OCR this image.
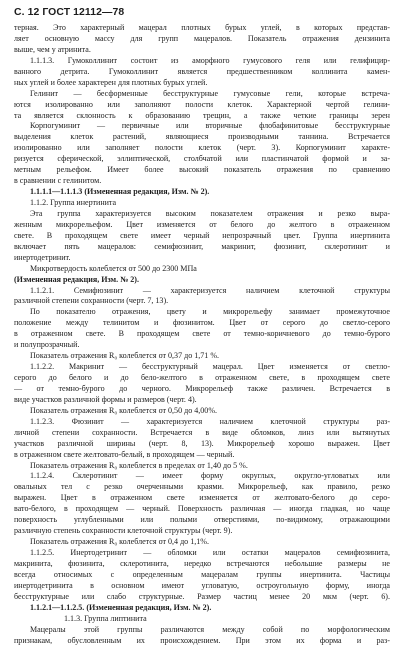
С. 12 ГОСТ 12112—78
терная. Это характерный мацерал плотных бурых углей, в которых представ-
ляет основную массу для групп мацералов. Показатель отражения дензинита
выше, чем у атринита.
1.1.1.3. Гумоколлинит состоит из аморфного гумусового геля или гелифицир-
ванного детрита. Гумоколлинит является предшественником коллинита камен-
ных углей и более характерен для плотных бурых углей.
Гелинит — бесформенные бесструктурные гумусовые гели, которые встреча-
ются изолированно или заполняют полости клеток. Характерной чертой гелини-
та является склонность к образованию трещин, а также четкие границы зерен
Корпогуминит — первичные или вторичные флобафинитовые бесструктурные
выделения клеток растений, являющиеся производными таннина. Встречается
изолированно или заполняет полости клеток (черт. 3). Корпогуминит характе-
ризуется сферической, эллиптической, столбчатой или пластинчатой формой и за-
метным рельефом. Имеет более высокий показатель отражения по сравнению
в сравнении с гелинитом.
1.1.1.1—1.1.1.3 (Измененная редакция, Изм. № 2).
1.1.2. Группа инертинита
Эта группа характеризуется высоким показателем отражения и резко выра-
женным микрорельефом. Цвет изменяется от белого до желтого в отраженном
свете. В проходящем свете имеет черный непрозрачный цвет. Группа инертинита
включает пять мацералов: семифюзинит, макринит, фюзинит, склеротинит и
инертодетринит.
Микротвердость колеблется от 500 до 2300 МПа
(Измененная редакция, Изм. № 2).
1.1.2.1. Семифюзинит — характеризуется наличием клеточной структуры
различной степени сохранности (черт. 7, 13).
По показателю отражения, цвету и микрорельефу занимает промежуточное
положение между телинитом и фюзинитом. Цвет от серого до светло-серого
в отраженном свете. В проходящем свете от темно-коричневого до темно-бурого
и полупрозрачный.
Показатель отражения R₀ колеблется от 0,37 до 1,71 %.
1.1.2.2. Макринит — бесструктурный мацерал. Цвет изменяется от светло-
серого до белого и до бело-желтого в отраженном свете, в проходящем свете
— от темно-бурого до черного. Микрорельеф также различен. Встречается в
виде участков различной формы и размеров (черт. 4).
Показатель отражения R₀ колеблется от 0,50 до 4,00%.
1.1.2.3. Фюзинит — характеризуется наличием клеточной структуры раз-
личной степени сохранности. Встречается в виде обломков, линз или вытянутых
участков различной ширины (черт. 8, 13). Микрорельеф хорошо выражен. Цвет
в отраженном свете желтовато-белый, в проходящем — черный.
Показатель отражения R₀ колеблется в пределах от 1,40 до 5 %.
1.1.2.4. Склеротинит — имеет форму округлых, округло-угловатых или
овальных тел с резко очерченными краями. Микрорельеф, как правило, резко
выражен. Цвет в отраженном свете изменяется от желтовато-белого до серо-
вато-белого, в проходящем — черный. Поверхность различная — иногда гладкая, но чаще
поверхность углубленными или полыми отверстиями, по-видимому, отражающими
различную степень сохранности клеточной структуры (черт. 9).
Показатель отражения R₀ колеблется от 0,4 до 1,1%.
1.1.2.5. Инертодетринит — обломки или остатки мацералов семифюзинита,
макринита, фюзинита, склеротинита, нередко встречаются небольшие размеры не
всегда относимых с определенным мацералам группы инертинита. Частицы
инертодетринита в основном имеют угловатую, остроугольную форму, иногда
бесструктурные или слабо структурные. Размер частиц менее 20 мкм (черт. 6).
1.1.2.1—1.1.2.5. (Измененная редакция, Изм. № 2).
1.1.3. Группа липтинита
Мацералы этой группы различаются между собой по морфологическим
признакам, обусловленным их происхождением. При этом их форма и раз-
